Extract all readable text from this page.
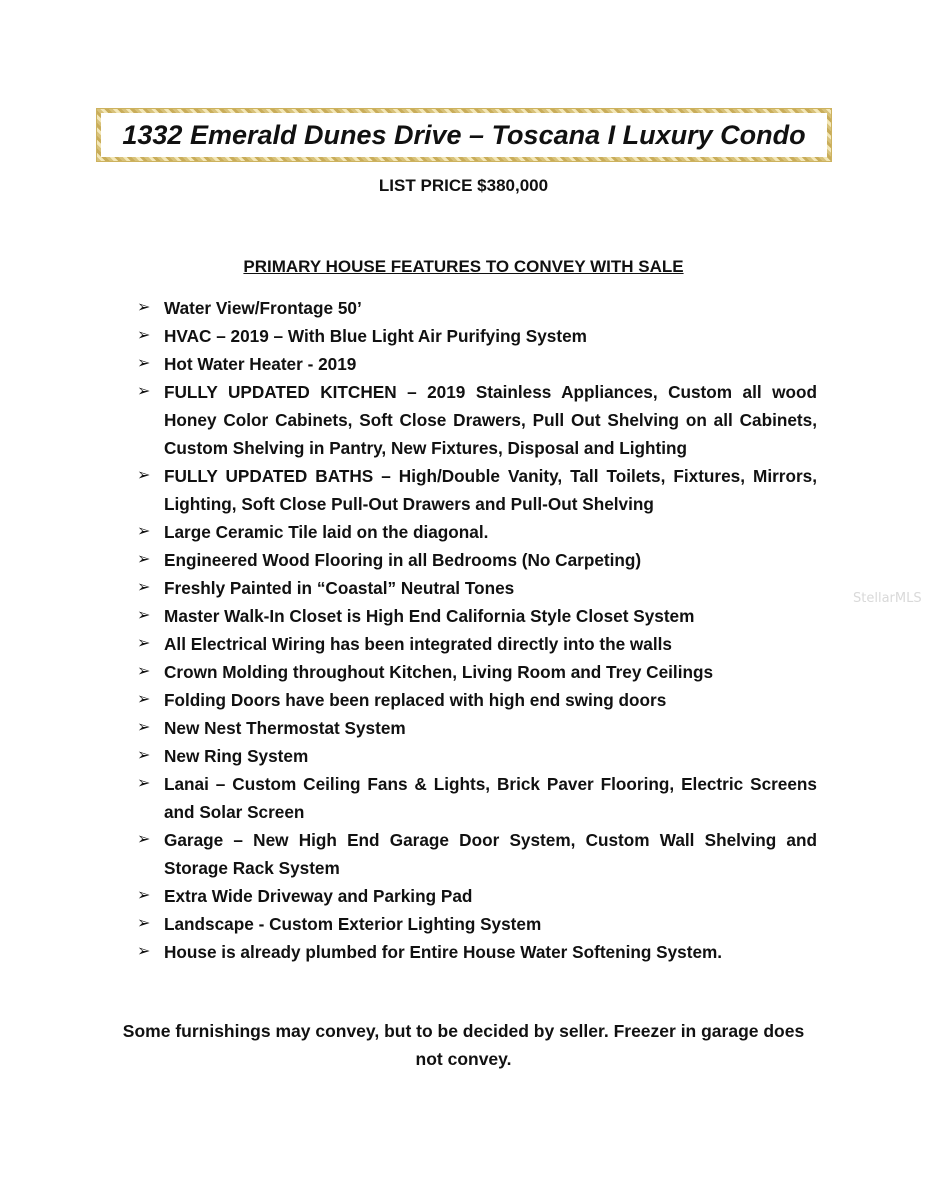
1332 Emerald Dunes Drive – Toscana I Luxury Condo
LIST PRICE $380,000
PRIMARY HOUSE FEATURES TO CONVEY WITH SALE
➢ Water View/Frontage 50’
➢ HVAC – 2019 – With Blue Light Air Purifying System
➢ Hot Water Heater - 2019
➢ FULLY UPDATED KITCHEN – 2019 Stainless Appliances, Custom all wood Honey Color Cabinets, Soft Close Drawers, Pull Out Shelving on all Cabinets, Custom Shelving in Pantry, New Fixtures, Disposal and Lighting
➢ FULLY UPDATED BATHS – High/Double Vanity, Tall Toilets, Fixtures, Mirrors, Lighting, Soft Close Pull-Out Drawers and Pull-Out Shelving
➢ Large Ceramic Tile laid on the diagonal.
➢ Engineered Wood Flooring in all Bedrooms (No Carpeting)
➢ Freshly Painted in “Coastal” Neutral Tones
➢ Master Walk-In Closet is High End California Style Closet System
➢ All Electrical Wiring has been integrated directly into the walls
➢ Crown Molding throughout Kitchen, Living Room and Trey Ceilings
➢ Folding Doors have been replaced with high end swing doors
➢ New Nest Thermostat System
➢ New Ring System
➢ Lanai – Custom Ceiling Fans & Lights, Brick Paver Flooring, Electric Screens and Solar Screen
➢ Garage – New High End Garage Door System, Custom Wall Shelving and Storage Rack System
➢ Extra Wide Driveway and Parking Pad
➢ Landscape - Custom Exterior Lighting System
➢ House is already plumbed for Entire House Water Softening System.
Some furnishings may convey, but to be decided by seller. Freezer in garage does not convey.
StellarMLS
